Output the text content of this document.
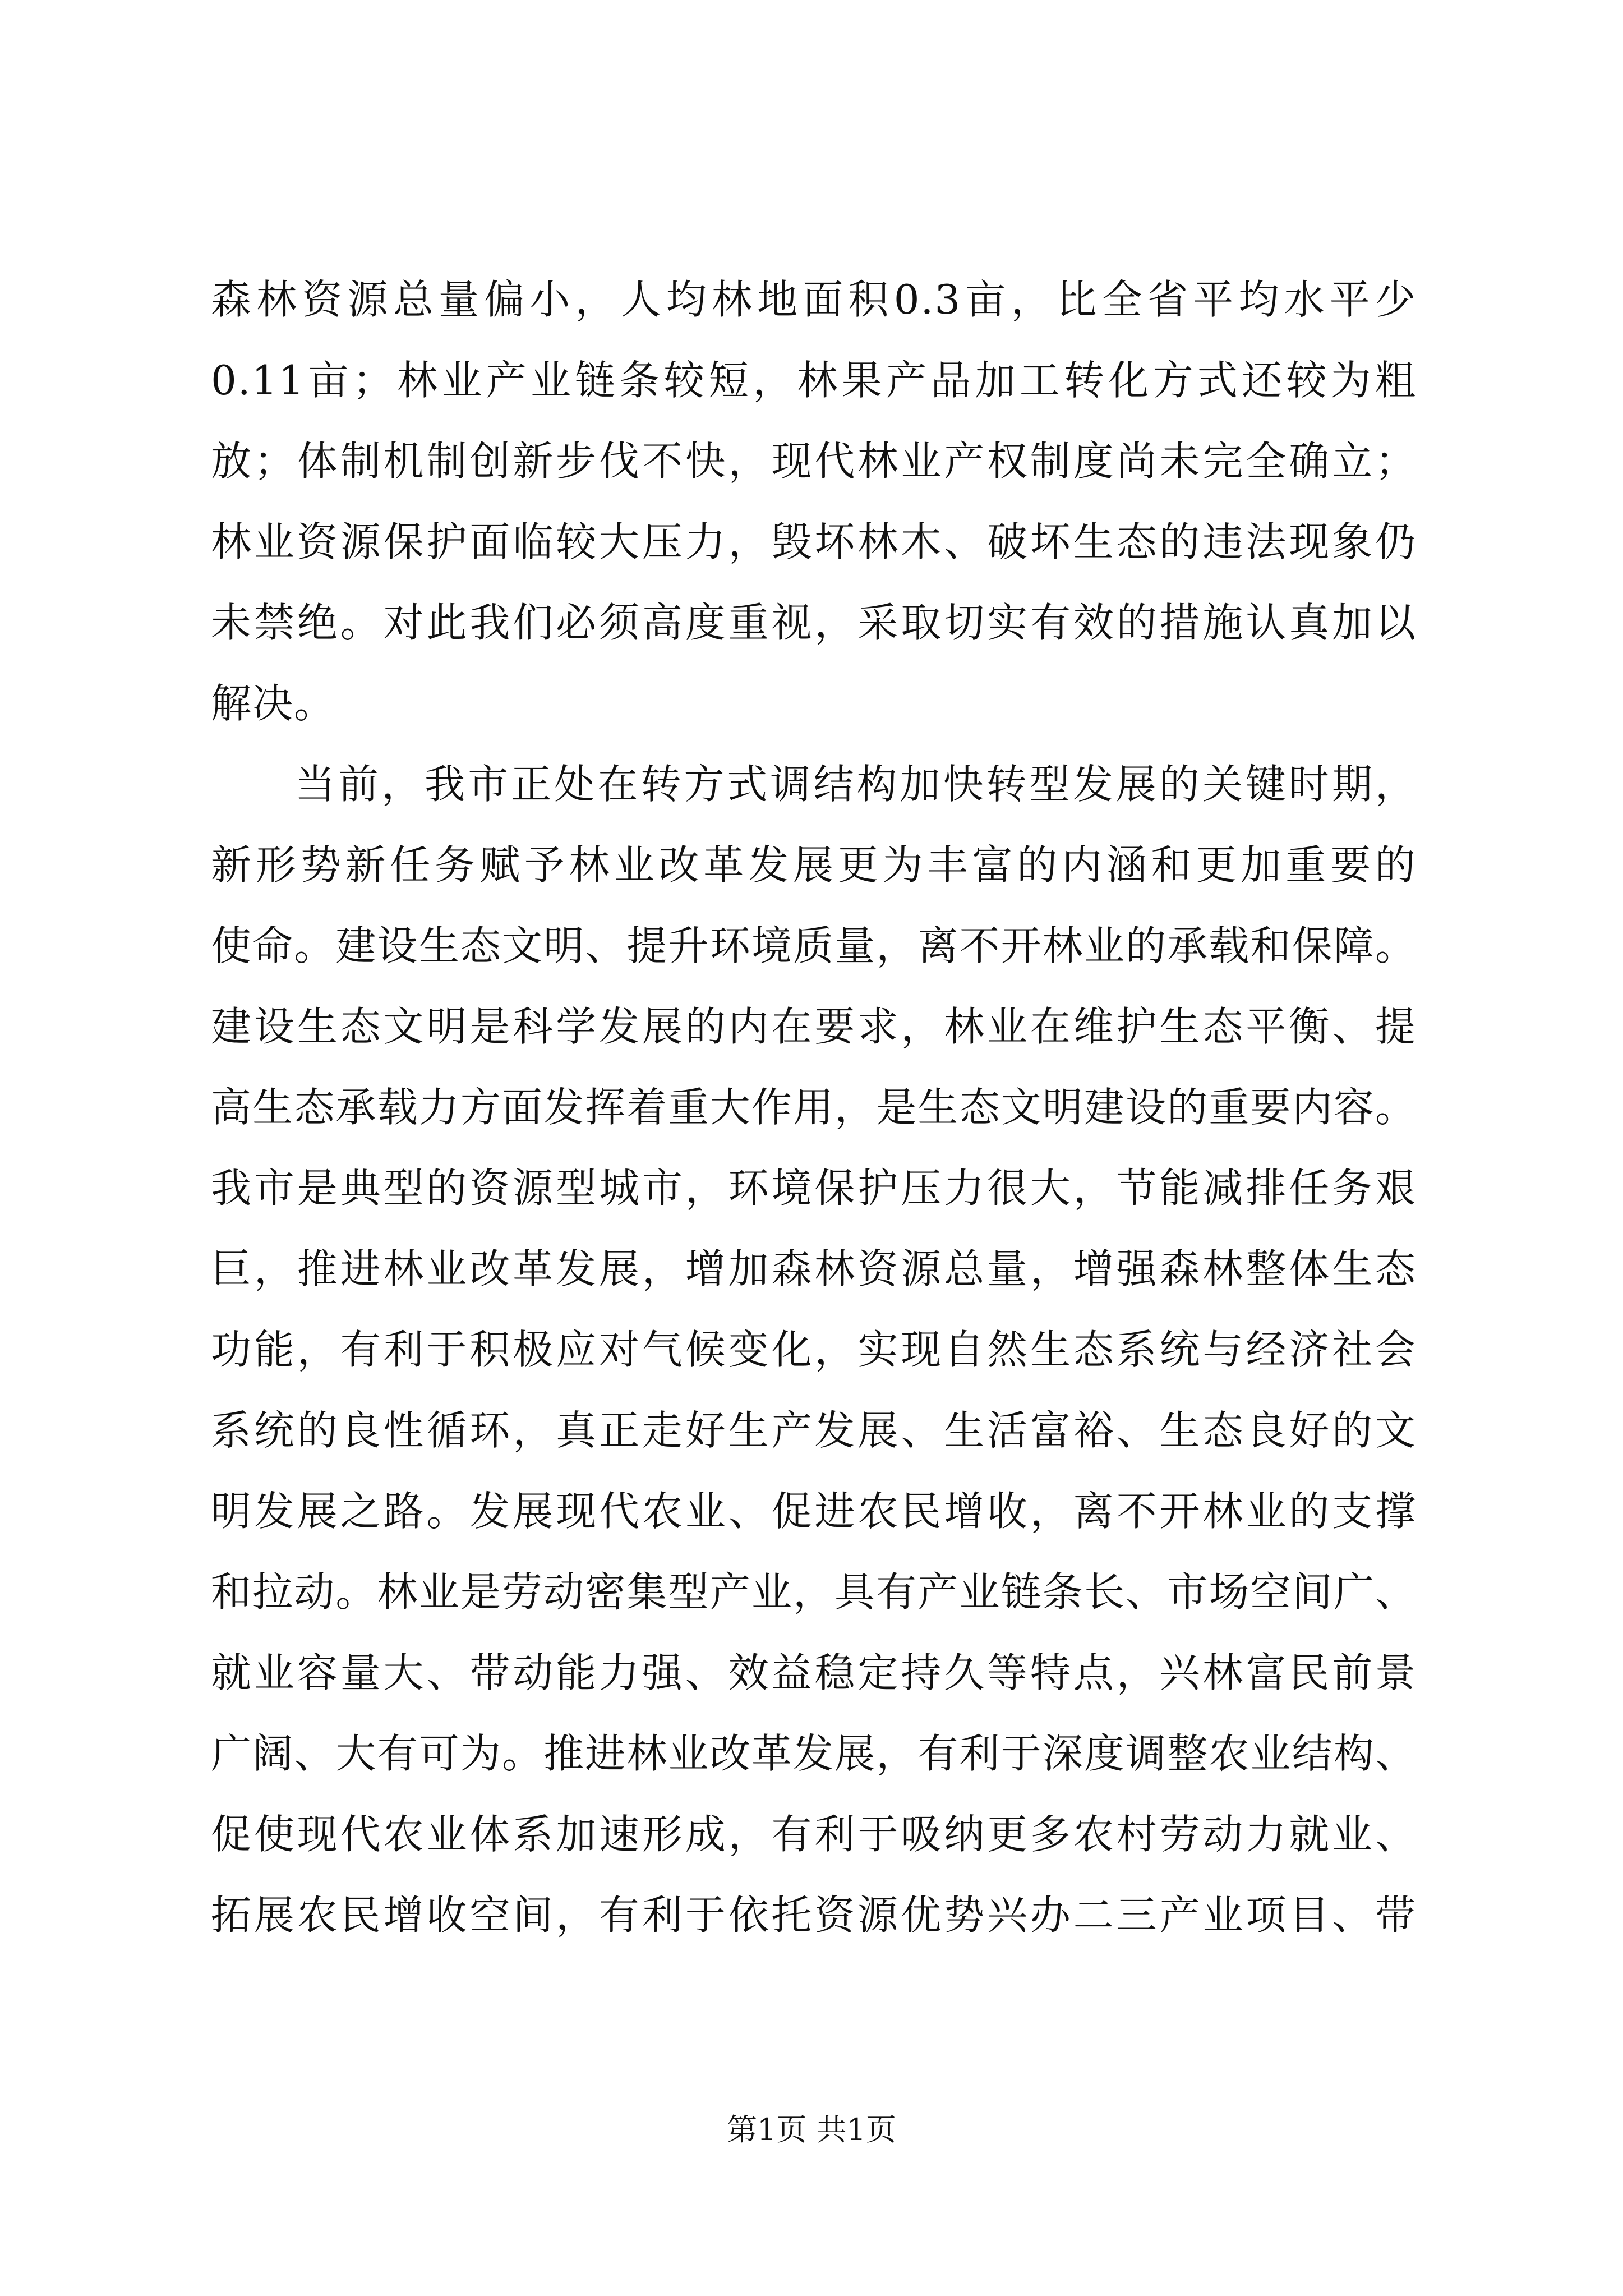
森林资源总量偏小，人均林地面积0.3亩，比全省平均水平少
0.11亩；林业产业链条较短，林果产品加工转化方式还较为粗
放；体制机制创新步伐不快，现代林业产权制度尚未完全确立；
林业资源保护面临较大压力，毁坏林木、破坏生态的违法现象仍
未禁绝。对此我们必须高度重视，采取切实有效的措施认真加以
解决。
当前，我市正处在转方式调结构加快转型发展的关键时期，
新形势新任务赋予林业改革发展更为丰富的内涵和更加重要的
使命。建设生态文明、提升环境质量，离不开林业的承载和保障。
建设生态文明是科学发展的内在要求，林业在维护生态平衡、提
高生态承载力方面发挥着重大作用，是生态文明建设的重要内容。
我市是典型的资源型城市，环境保护压力很大，节能减排任务艰
巨，推进林业改革发展，增加森林资源总量，增强森林整体生态
功能，有利于积极应对气候变化，实现自然生态系统与经济社会
系统的良性循环，真正走好生产发展、生活富裕、生态良好的文
明发展之路。发展现代农业、促进农民增收，离不开林业的支撑
和拉动。林业是劳动密集型产业，具有产业链条长、市场空间广、
就业容量大、带动能力强、效益稳定持久等特点，兴林富民前景
广阔、大有可为。推进林业改革发展，有利于深度调整农业结构、
促使现代农业体系加速形成，有利于吸纳更多农村劳动力就业、
拓展农民增收空间，有利于依托资源优势兴办二三产业项目、带
第1页 共1页
